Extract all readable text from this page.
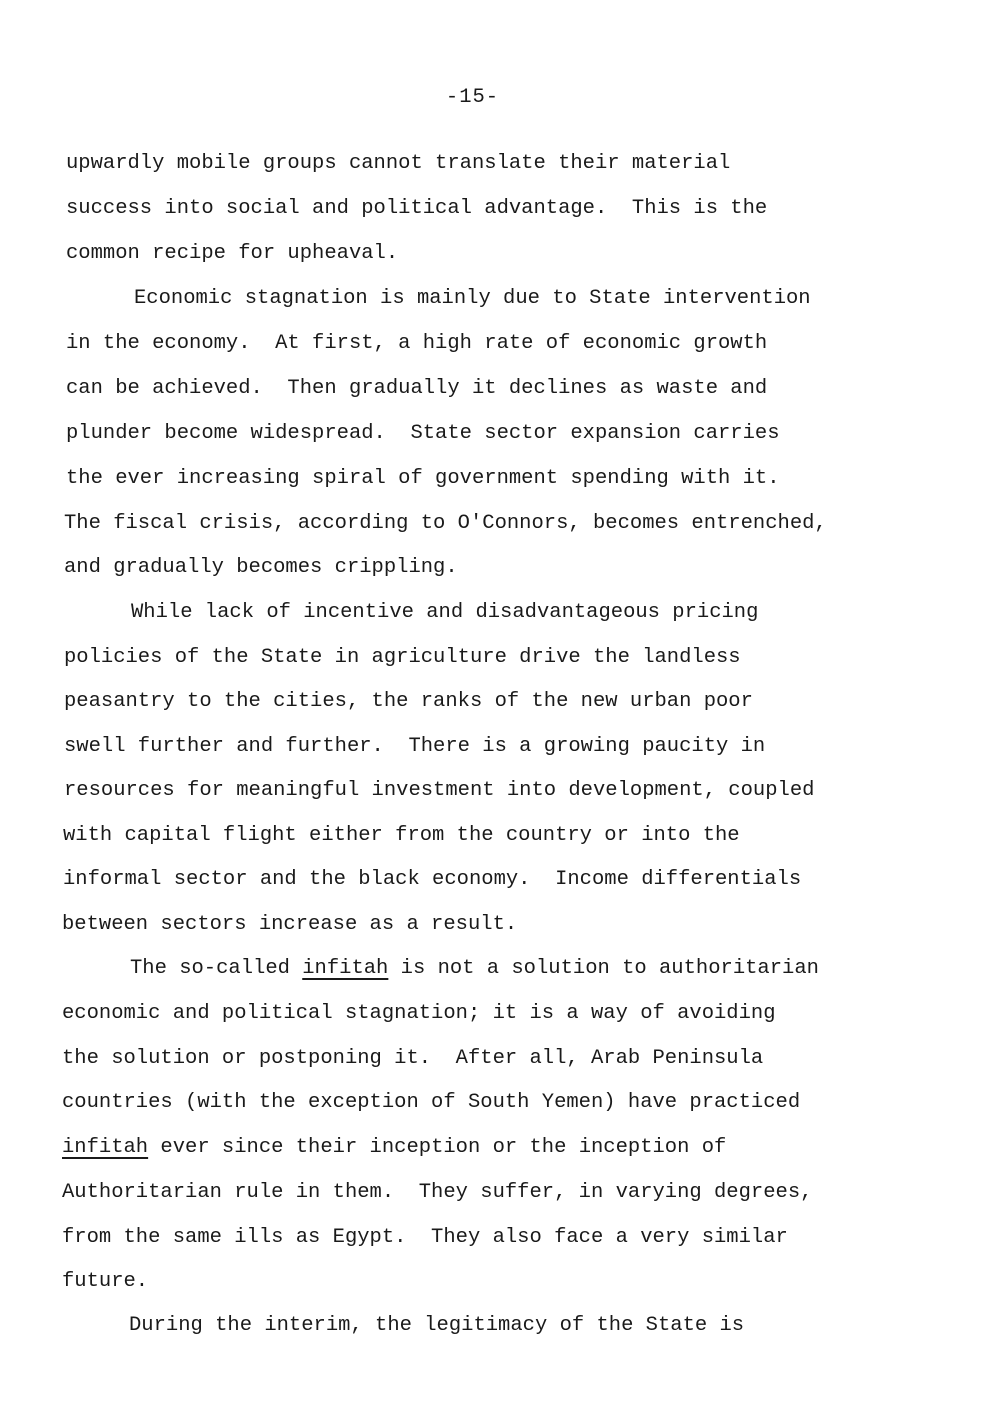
-15-
upwardly mobile groups cannot translate their material
success into social and political advantage.  This is the
common recipe for upheaval.
Economic stagnation is mainly due to State intervention
in the economy.  At first, a high rate of economic growth
can be achieved.  Then gradually it declines as waste and
plunder become widespread.  State sector expansion carries
the ever increasing spiral of government spending with it.
The fiscal crisis, according to O'Connors, becomes entrenched,
and gradually becomes crippling.
While lack of incentive and disadvantageous pricing
policies of the State in agriculture drive the landless
peasantry to the cities, the ranks of the new urban poor
swell further and further.  There is a growing paucity in
resources for meaningful investment into development, coupled
with capital flight either from the country or into the
informal sector and the black economy.  Income differentials
between sectors increase as a result.
The so-called infitah is not a solution to authoritarian
economic and political stagnation; it is a way of avoiding
the solution or postponing it.  After all, Arab Peninsula
countries (with the exception of South Yemen) have practiced
infitah ever since their inception or the inception of
Authoritarian rule in them.  They suffer, in varying degrees,
from the same ills as Egypt.  They also face a very similar
future.
During the interim, the legitimacy of the State is
